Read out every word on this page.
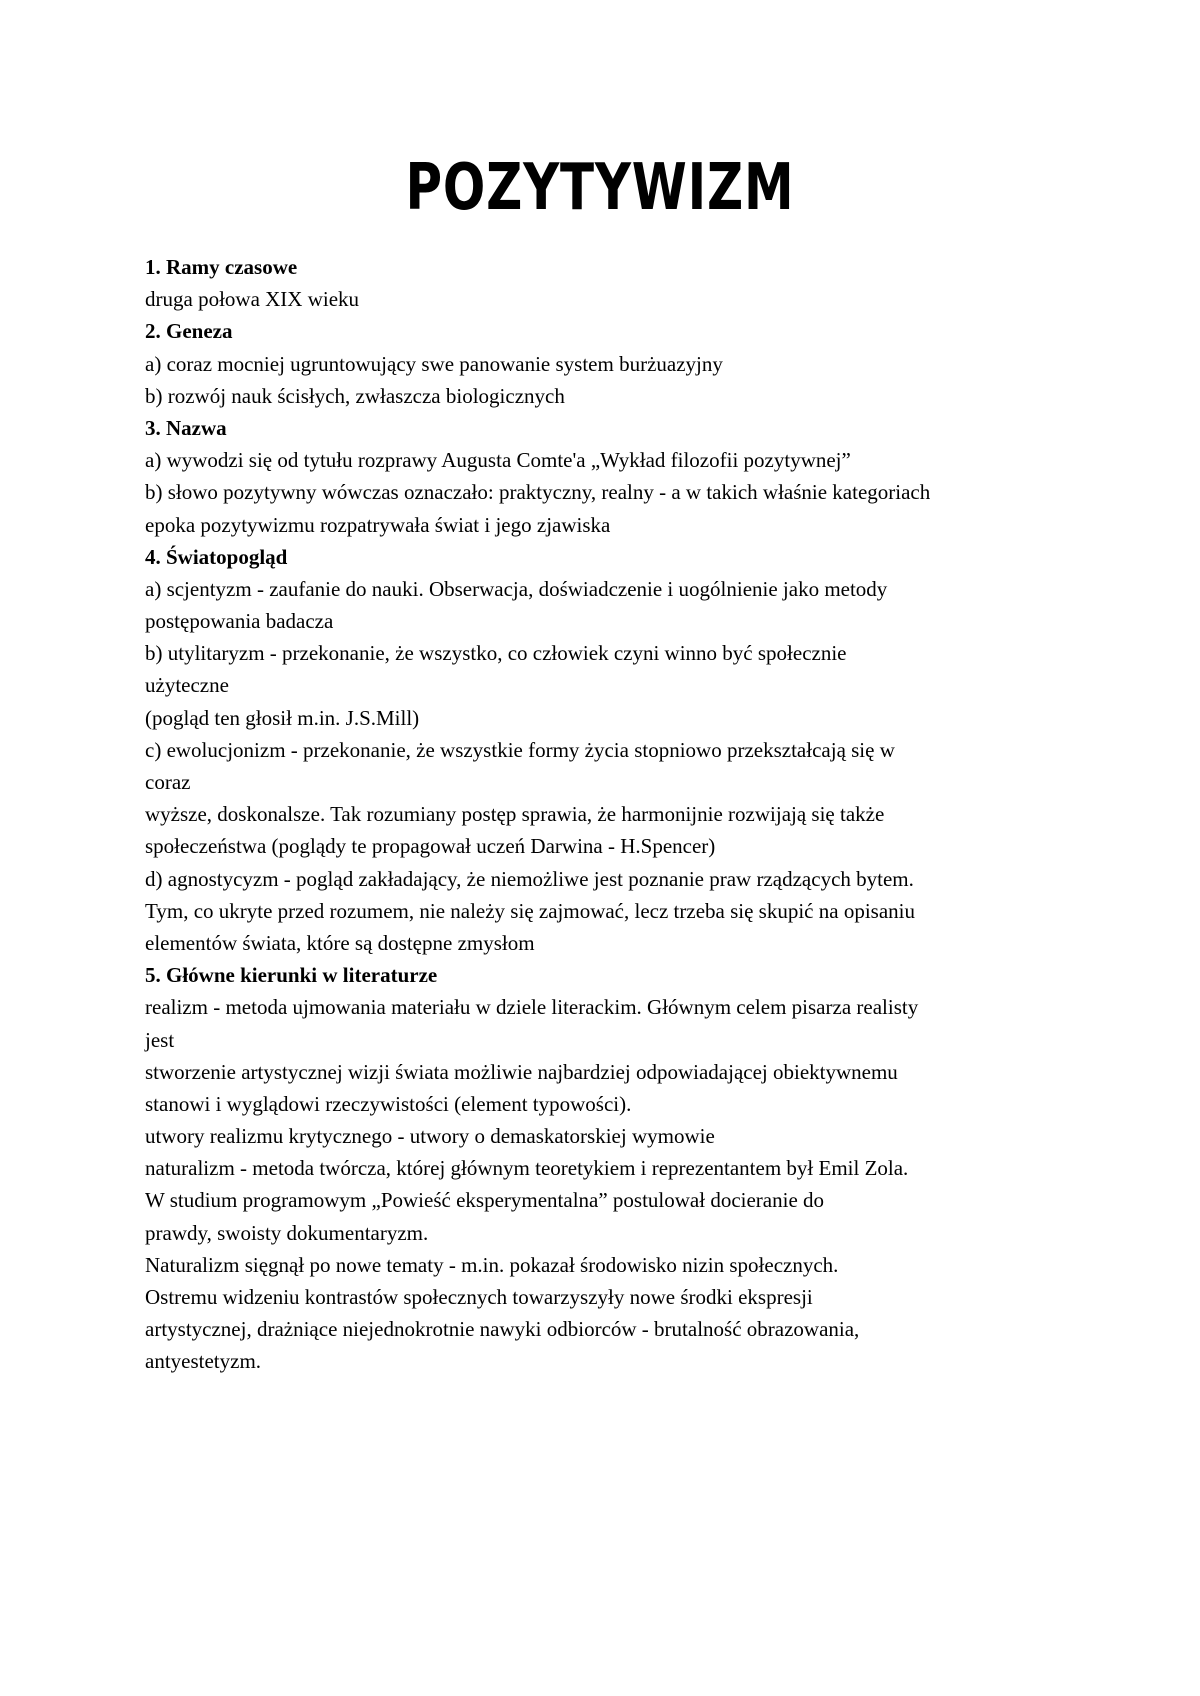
POZYTYWIZM
1. Ramy czasowe
druga połowa XIX wieku
2. Geneza
a) coraz mocniej ugruntowujący swe panowanie system burżuazyjny
b) rozwój nauk ścisłych, zwłaszcza biologicznych
3. Nazwa
a) wywodzi się od tytułu rozprawy Augusta Comte'a „Wykład filozofii pozytywnej”
b) słowo pozytywny wówczas oznaczało: praktyczny, realny - a w takich właśnie kategoriach
epoka pozytywizmu rozpatrywała świat i jego zjawiska
4. Światopogląd
a) scjentyzm - zaufanie do nauki. Obserwacja, doświadczenie i uogólnienie jako metody
postępowania badacza
b) utylitaryzm - przekonanie, że wszystko, co człowiek czyni winno być społecznie
użyteczne
(pogląd ten głosił m.in. J.S.Mill)
c) ewolucjonizm - przekonanie, że wszystkie formy życia stopniowo przekształcają się w
coraz
wyższe, doskonalsze. Tak rozumiany postęp sprawia, że harmonijnie rozwijają się także
społeczeństwa (poglądy te propagował uczeń Darwina - H.Spencer)
d) agnostycyzm - pogląd zakładający, że niemożliwe jest poznanie praw rządzących bytem.
Tym, co ukryte przed rozumem, nie należy się zajmować, lecz trzeba się skupić na opisaniu
elementów świata, które są dostępne zmysłom
5. Główne kierunki w literaturze
realizm - metoda ujmowania materiału w dziele literackim. Głównym celem pisarza realisty
jest
stworzenie artystycznej wizji świata możliwie najbardziej odpowiadającej obiektywnemu
stanowi i wyglądowi rzeczywistości (element typowości).
utwory realizmu krytycznego - utwory o demaskatorskiej wymowie
naturalizm - metoda twórcza, której głównym teoretykiem i reprezentantem był Emil Zola.
W studium programowym „Powieść eksperymentalna” postulował docieranie do
prawdy, swoisty dokumentaryzm.
Naturalizm sięgnął po nowe tematy - m.in. pokazał środowisko nizin społecznych.
Ostremu widzeniu kontrastów społecznych towarzyszyły nowe środki ekspresji
artystycznej, drażniące niejednokrotnie nawyki odbiorców - brutalność obrazowania,
antyestetyzm.
